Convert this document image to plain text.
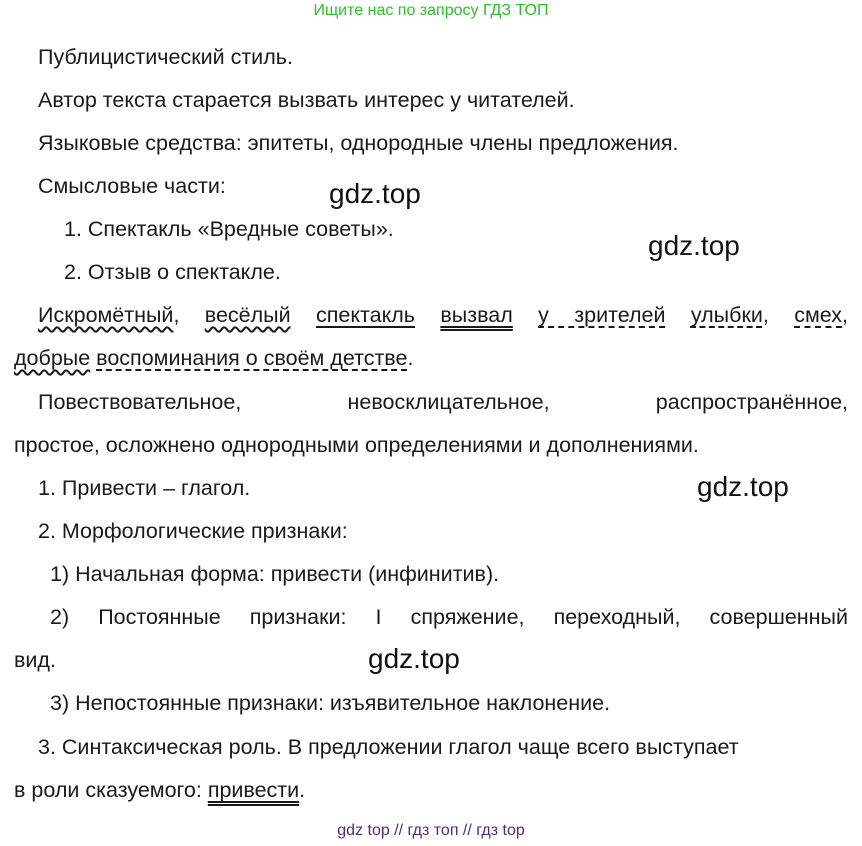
Ищите нас по запросу ГДЗ ТОП
Публицистический стиль.
Автор текста старается вызвать интерес у читателей.
Языковые средства: эпитеты, однородные члены предложения.
Смысловые части:
1. Спектакль «Вредные советы».
2. Отзыв о спектакле.
Искромётный, весёлый спектакль вызвал у зрителей улыбки, смех,
добрые воспоминания о своём детстве.
Повествовательное,	невосклицательное,	распространённое,
простое, осложнено однородными определениями и дополнениями.
1. Привести – глагол.
2. Морфологические признаки:
1) Начальная форма: привести (инфинитив).
2) Постоянные признаки: I спряжение, переходный, совершенный
вид.
3) Непостоянные признаки: изъявительное наклонение.
3. Синтаксическая роль. В предложении глагол чаще всего выступает
в роли сказуемого: привести.
gdz.top
gdz.top
gdz.top
gdz.top
gdz top // гдз топ // гдз top
